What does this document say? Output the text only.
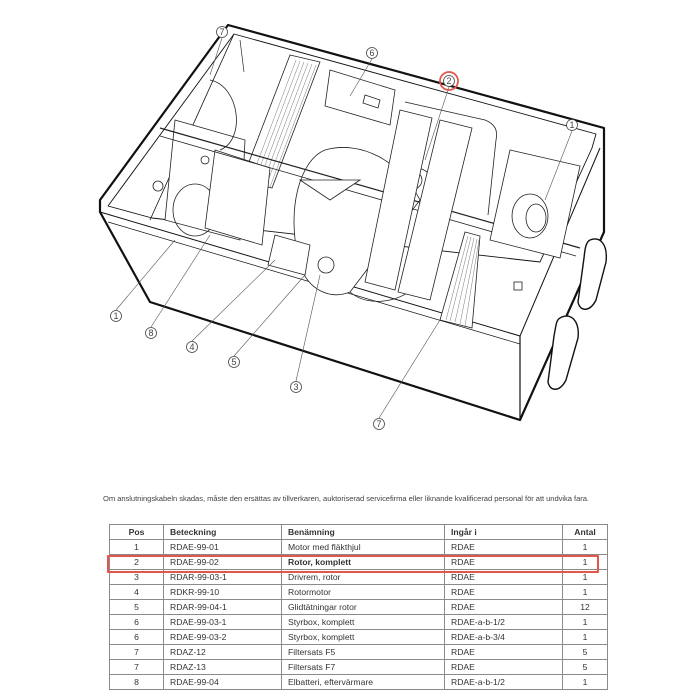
7
6
2
1
1
8
4
5
3
7
Om anslutningskabeln skadas, måste den ersättas av tillverkaren, auktoriserad servicefirma eller liknande kvalificerad personal för att undvika fara.
Pos	Beteckning	Benämning	Ingår i	Antal
1	RDAE-99-01	Motor med fläkthjul	RDAE	1
2	RDAE-99-02	Rotor, komplett	RDAE	1
3	RDAR-99-03-1	Drivrem, rotor	RDAE	1
4	RDKR-99-10	Rotormotor	RDAE	1
5	RDAR-99-04-1	Glidtätningar rotor	RDAE	12
6	RDAE-99-03-1	Styrbox, komplett	RDAE-a-b-1/2	1
6	RDAE-99-03-2	Styrbox, komplett	RDAE-a-b-3/4	1
7	RDAZ-12	Filtersats F5	RDAE	5
7	RDAZ-13	Filtersats F7	RDAE	5
8	RDAE-99-04	Elbatteri, eftervärmare	RDAE-a-b-1/2	1
